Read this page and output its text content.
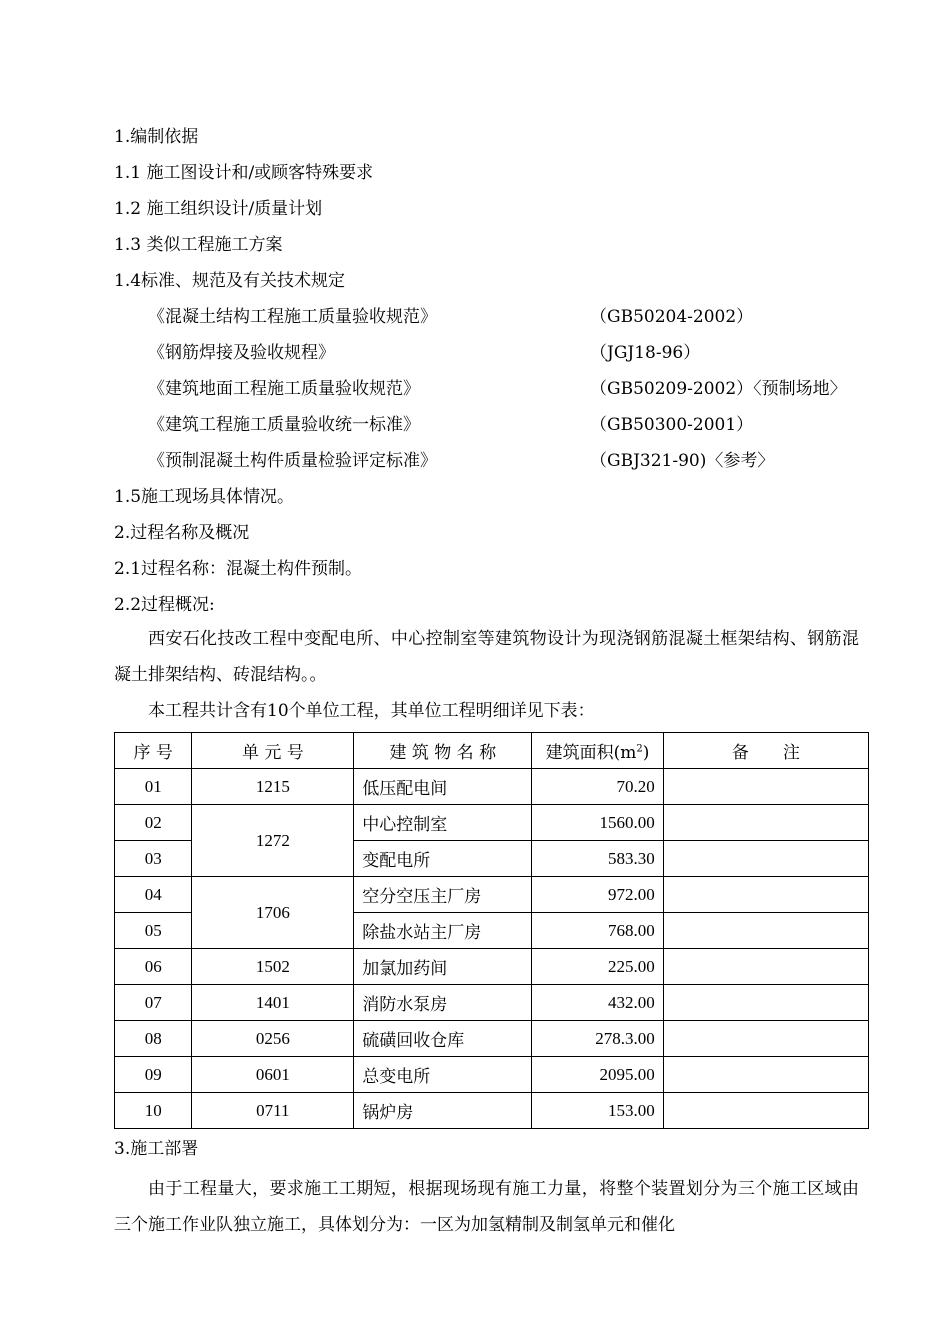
1.编制依据
1.1 施工图设计和/或顾客特殊要求
1.2 施工组织设计/质量计划
1.3 类似工程施工方案
1.4标准、规范及有关技术规定
《混凝土结构工程施工质量验收规范》	（GB50204-2002）
《钢筋焊接及验收规程》	（JGJ18-96）
《建筑地面工程施工质量验收规范》	（GB50209-2002）〈预制场地〉
《建筑工程施工质量验收统一标准》	（GB50300-2001）
《预制混凝土构件质量检验评定标准》	（GBJ321-90)〈参考〉
1.5施工现场具体情况。
2.过程名称及概况
2.1过程名称：混凝土构件预制。
2.2过程概况:
西安石化技改工程中变配电所、中心控制室等建筑物设计为现浇钢筋混凝土框架结构、钢筋混凝土排架结构、砖混结构。。
本工程共计含有10个单位工程，其单位工程明细详见下表：
序 号	单 元 号	建 筑 物 名 称	建筑面积$(m^2)$	备　　注
01	1215	低压配电间	70.20	
02	1272	中心控制室	1560.00	
03		变配电所	583.30	
04	1706	空分空压主厂房	972.00	
05		除盐水站主厂房	768.00	
06	1502	加氯加药间	225.00	
07	1401	消防水泵房	432.00	
08	0256	硫磺回收仓库	278.3.00	
09	0601	总变电所	2095.00	
10	0711	锅炉房	153.00	
3.施工部署
由于工程量大，要求施工工期短，根据现场现有施工力量，将整个装置划分为三个施工区域由三个施工作业队独立施工，具体划分为：一区为加氢精制及制氢单元和催化
